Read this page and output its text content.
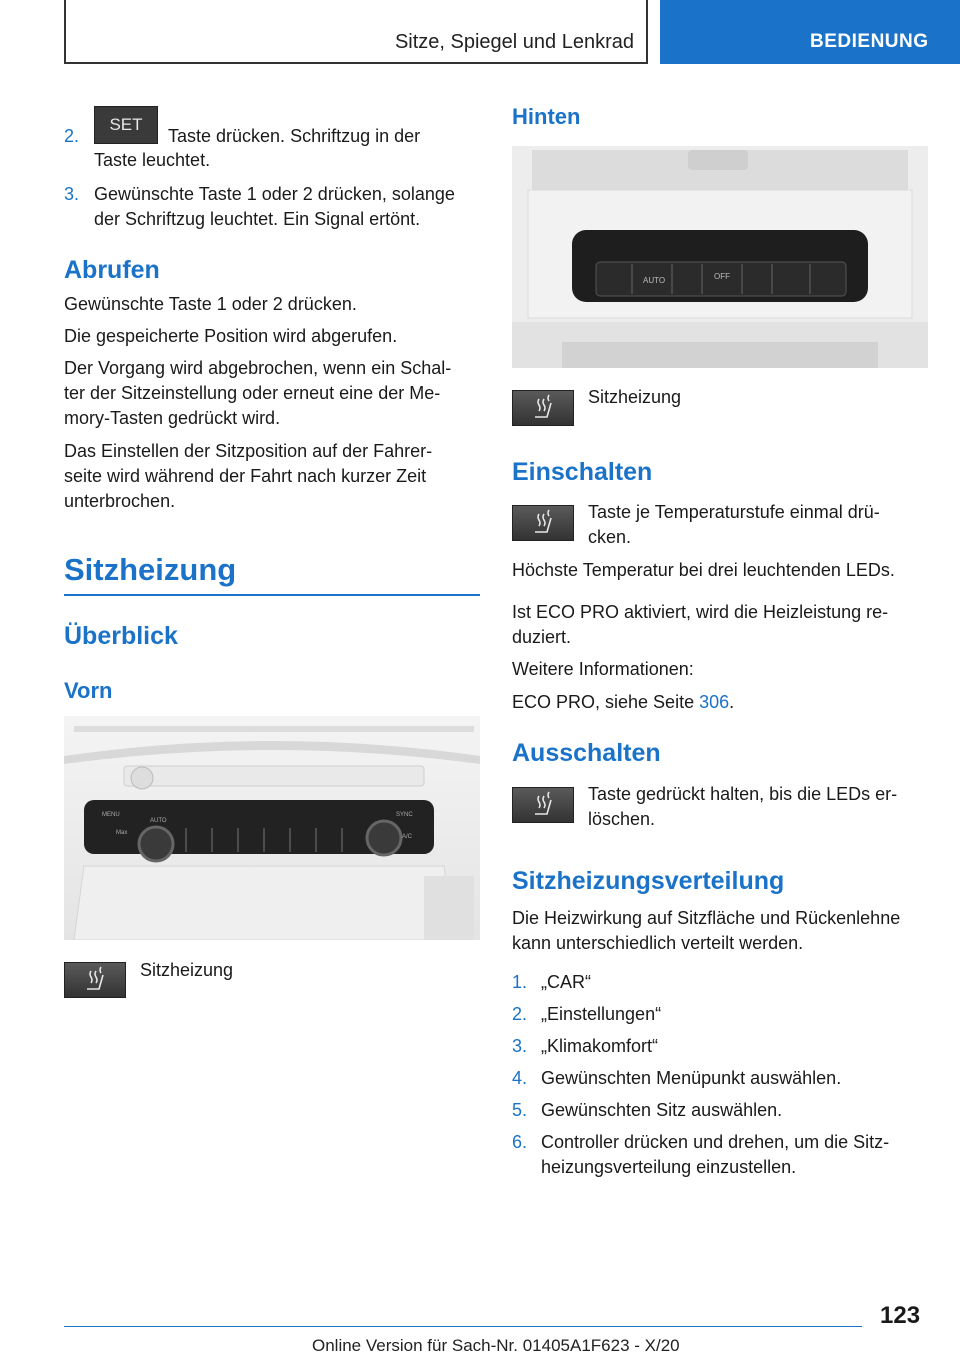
Sitze, Spiegel und Lenkrad	BEDIENUNG
2.
SET
Taste drücken. Schriftzug in der
Taste leuchtet.
3. Gewünschte Taste 1 oder 2 drücken, solange
der Schriftzug leuchtet. Ein Signal ertönt.
Abrufen
Gewünschte Taste 1 oder 2 drücken.
Die gespeicherte Position wird abgerufen.
Der Vorgang wird abgebrochen, wenn ein Schal-
ter der Sitzeinstellung oder erneut eine der Me-
mory-Tasten gedrückt wird.
Das Einstellen der Sitzposition auf der Fahrer-
seite wird während der Fahrt nach kurzer Zeit
unterbrochen.
Sitzheizung
Überblick
Vorn
MENU
Max
AUTO
SYNC
A/C
Sitzheizung
Hinten
AUTO	OFF
Sitzheizung
Einschalten
Taste je Temperaturstufe einmal drü-
cken.
Höchste Temperatur bei drei leuchtenden LEDs.
Ist ECO PRO aktiviert, wird die Heizleistung re-
duziert.
Weitere Informationen:
ECO PRO, siehe Seite 306.
Ausschalten
Taste gedrückt halten, bis die LEDs er-
löschen.
Sitzheizungsverteilung
Die Heizwirkung auf Sitzfläche und Rückenlehne
kann unterschiedlich verteilt werden.
1. „CAR“
2. „Einstellungen“
3. „Klimakomfort“
4. Gewünschten Menüpunkt auswählen.
5. Gewünschten Sitz auswählen.
6. Controller drücken und drehen, um die Sitz-
heizungsverteilung einzustellen.
123
Online Version für Sach-Nr. 01405A1F623 - X/20
